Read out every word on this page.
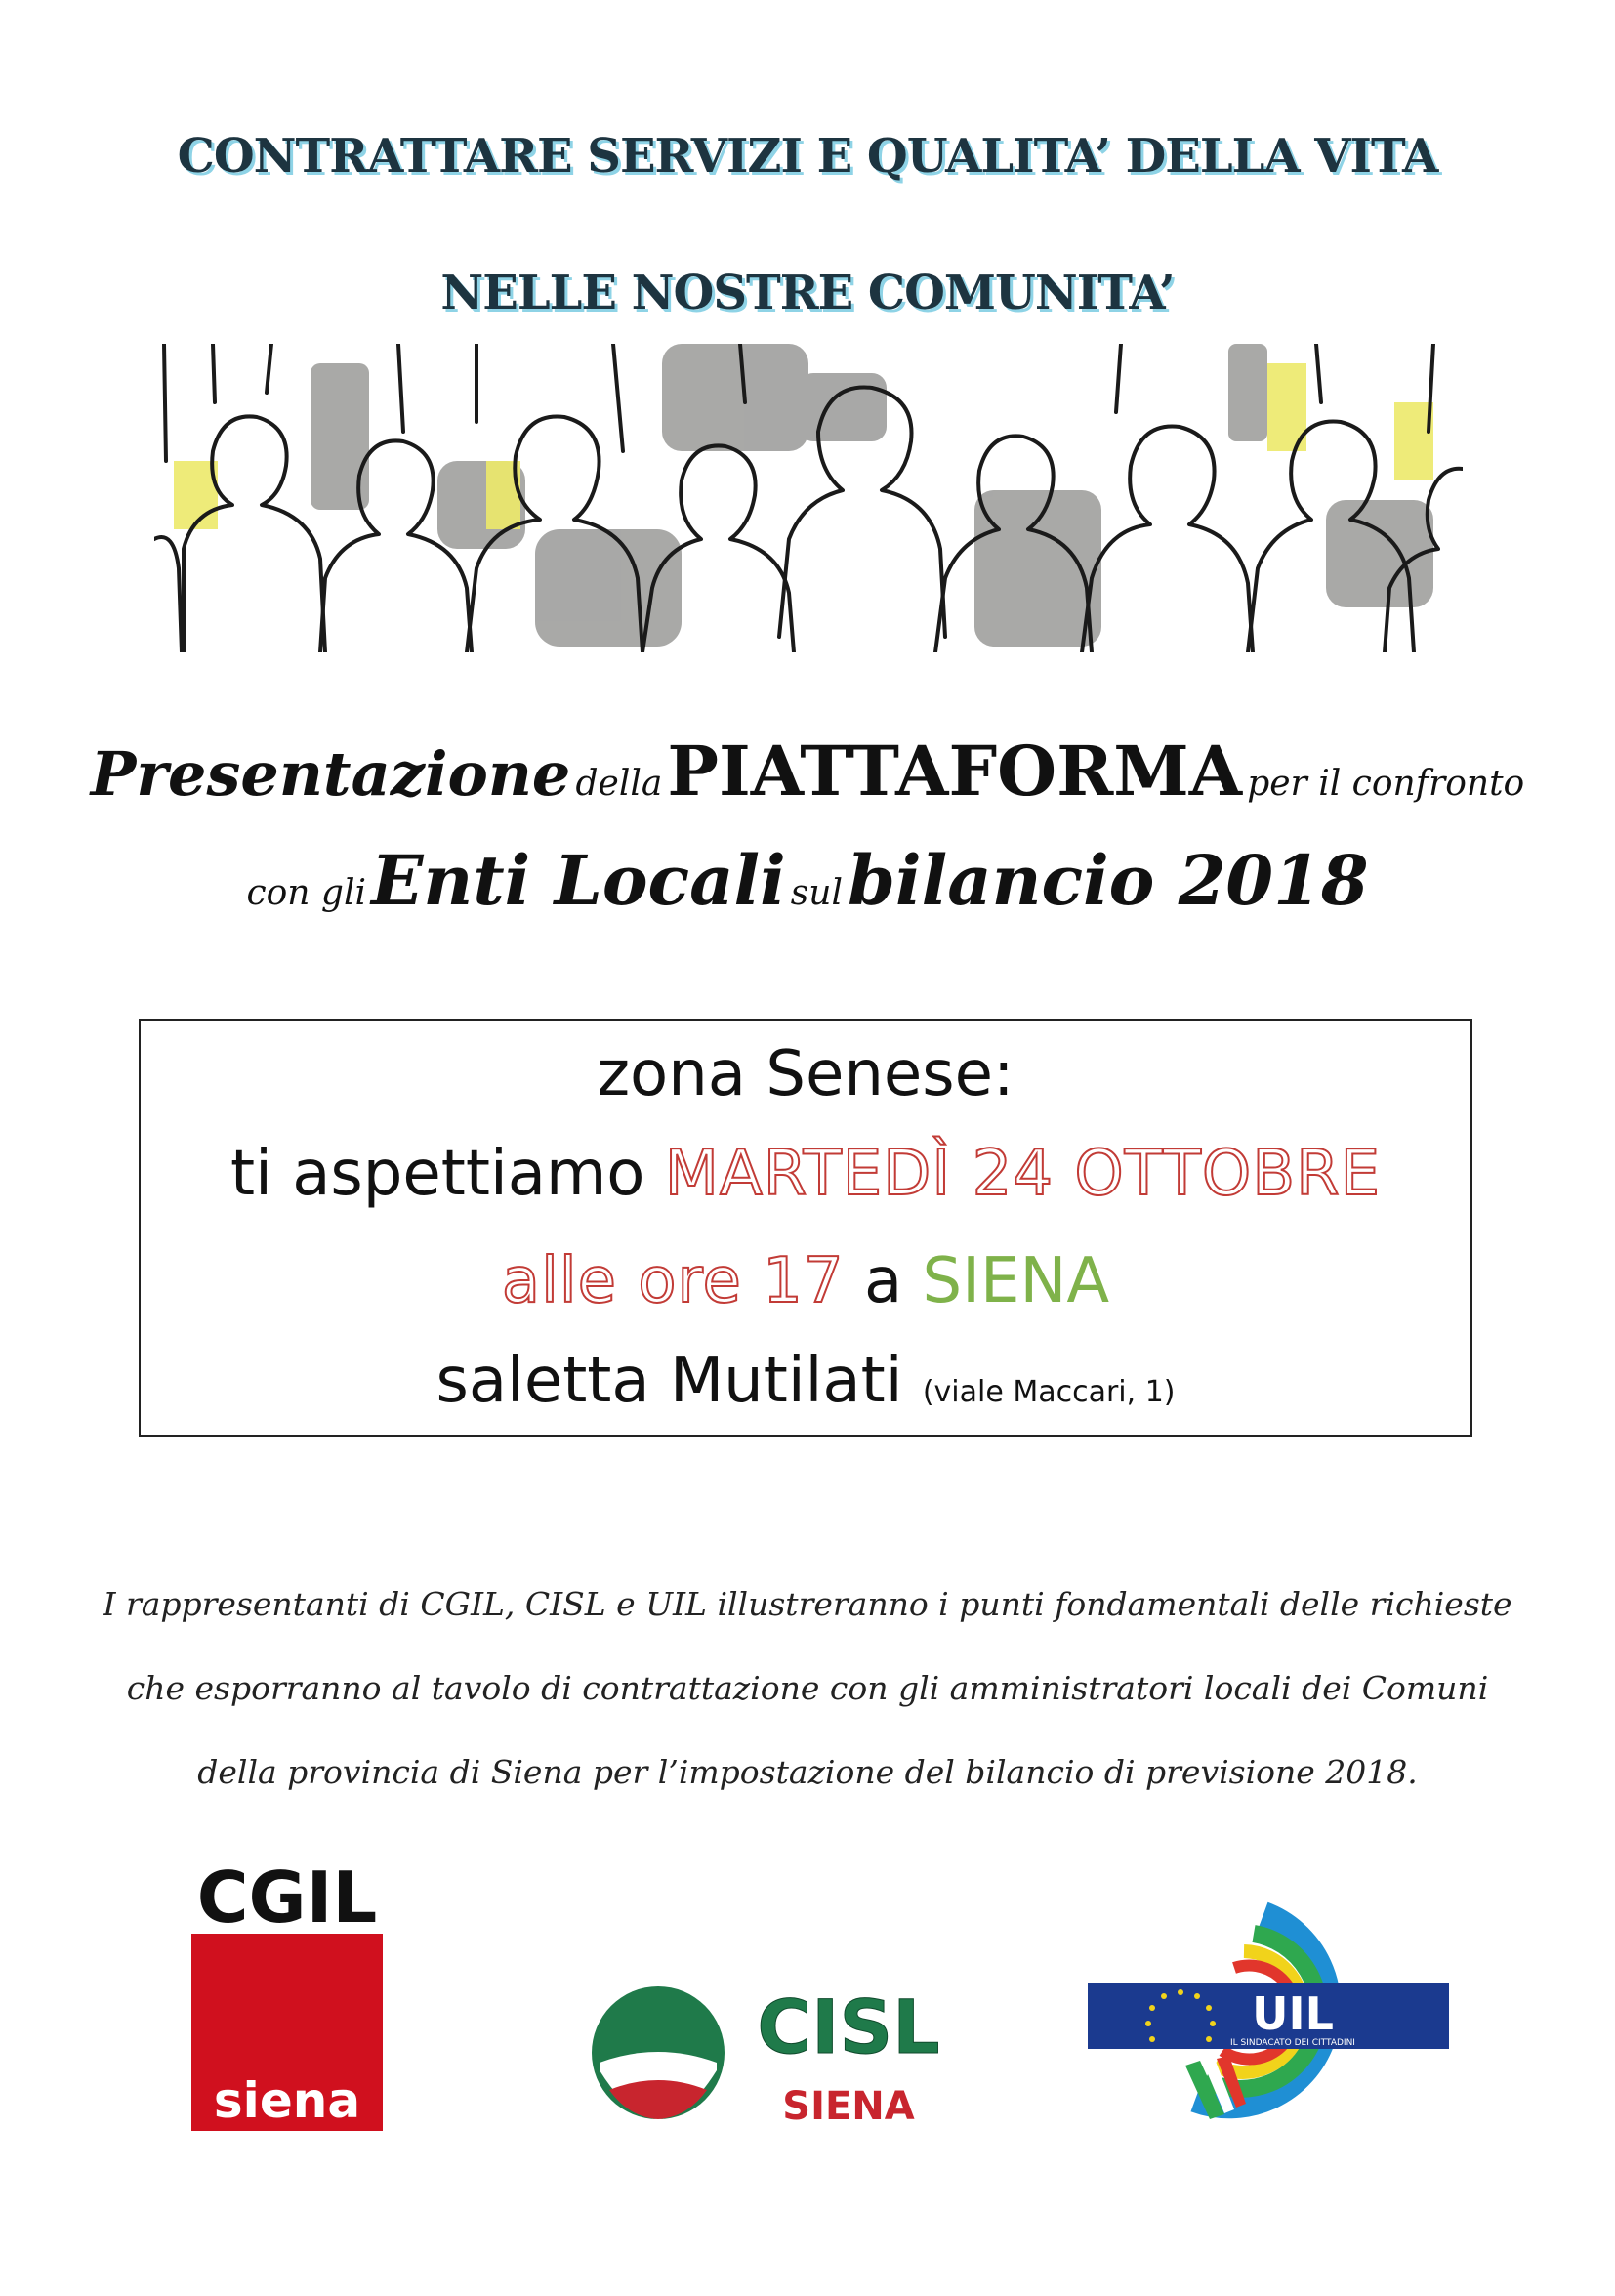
CONTRATTARE SERVIZI E QUALITA’ DELLA VITA
NELLE NOSTRE COMUNITA’
Presentazione della PIATTAFORMA per il confronto
con gli Enti Locali sul bilancio 2018
zona Senese:
ti aspettiamo MARTEDÌ 24 OTTOBRE
alle ore 17 a SIENA
saletta Mutilati (viale Maccari, 1)
I rappresentanti di CGIL, CISL e UIL illustreranno i punti fondamentali delle richieste
che esporranno al tavolo di contrattazione con gli amministratori locali dei Comuni
della provincia di Siena per l’impostazione del bilancio di previsione 2018.
CGIL
siena
CISL
SIENA
UIL
IL SINDACATO DEI CITTADINI
